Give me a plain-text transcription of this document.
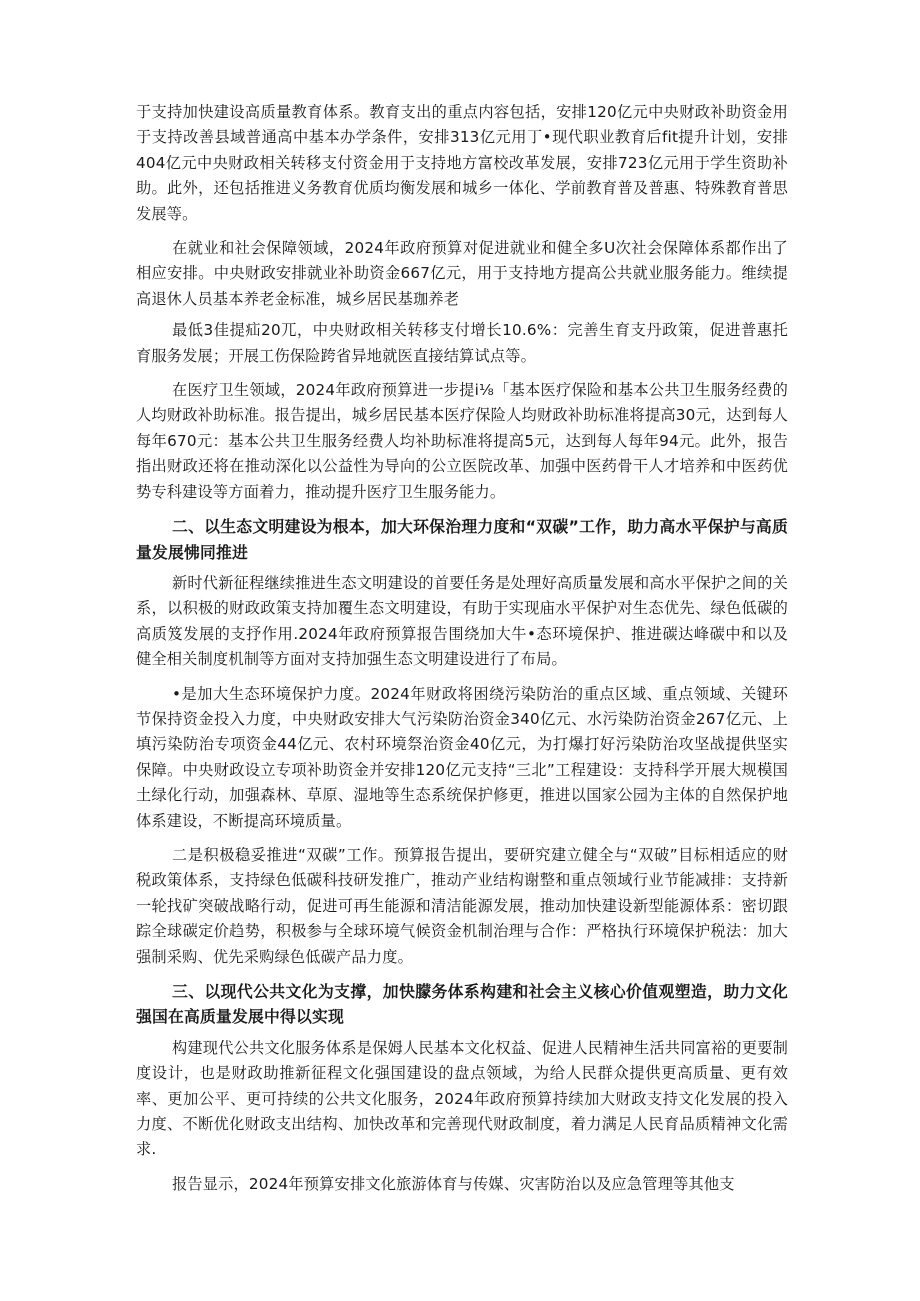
于支持加快建设高质量教育体系。教育支出的重点内容包括，安排120亿元中央财政补助资金用于支持改善县域普通高中基本办学条件，安排313亿元用丁•现代职业教育后fit提升计划，安排404亿元中央财政相关转移支付资金用于支持地方富校改革发展，安排723亿元用于学生资助补助。此外，还包括推进义务教育优质均衡发展和城乡一体化、学前教育普及普惠、特殊教育普思发展等。

在就业和社会保障领域，2024年政府预算对促进就业和健全多U次社会保障体系都作出了相应安排。中央财政安排就业补助资金667亿元，用于支持地方提高公共就业服务能力。维续提高退休人员基本养老金标准，城乡居民基珈养老

最低3佳提疝20兀，中央财政相关转移支付增长10.6%：完善生育支丹政策，促进普惠托育服务发展；开展工伤保险跨省异地就医直接结算试点等。

在医疗卫生领域，2024年政府预算进一步提i⅛「基本医疗保险和基本公共卫生服务经费的人均财政补助标准。报告提出，城乡居民基本医疗保险人均财政补助标准将提高30元，达到每人每年670元：基本公共卫生服务经费人均补助标准将提高5元，达到每人每年94元。此外，报告指出财政还将在推动深化以公益性为导向的公立医院改革、加强中医药骨干人才培养和中医药优势专科建设等方面着力，推动提升医疗卫生服务能力。

二、以生态文明建设为根本，加大环保治理力度和“双碳”工作，助力高水平保护与高质量发展怫同推进

新时代新征程继续推进生态文明建设的首要任务是处理好高质量发展和高水平保护之间的关系，以积极的财政政策支持加覆生态文明建设，有助于实现庙水平保护对生态优先、绿色低碳的高质笈发展的支抒作用.2024年政府预算报告围绕加大牛•态环境保护、推进碳达峰碳中和以及健全相关制度机制等方面对支持加强生态文明建设进行了布局。

•是加大生态环境保护力度。2024年财政将困绕污染防治的重点区域、重点领域、关键环节保持资金投入力度，中央财政安排大气污染防治资金340亿元、水污染防治资金267亿元、上填污染防治专项资金44亿元、农村环境祭治资金40亿元，为打爆打好污染防治攻坚战提供坚实保障。中央财政设立专项补助资金并安排120亿元支持“三北”工程建设：支持科学开展大规模国土绿化行动，加强森林、草原、湿地等生态系统保护修更，推进以国家公园为主体的自然保护地体系建设，不断提高环境质量。

二是积极稳妥推进“双碳”工作。预算报告提出，要研究建立健全与“双破”目标相适应的财税政策体系，支持绿色低碳科技研发推广，推动产业结构谢整和重点领域行业节能减排：支持新一轮找矿突破战略行动，促进可再生能源和清洁能源发展，推动加快建设新型能源体系：密切跟踪全球碳定价趋势，积极参与全球环境气候资金机制治理与合作：严格执行环境保护税法：加大强制采购、优先采购绿色低碳产品力度。

三、以现代公共文化为支撑，加快朦务体系构建和社会主义核心价值观塑造，助力文化强国在高质量发展中得以实现

构建现代公共文化服务体系是保姆人民基本文化权益、促进人民精神生活共同富裕的更要制度设计，也是财政助推新征程文化强国建设的盘点领域，为给人民群众提供更高质量、更有效率、更加公平、更可持续的公共文化服务，2024年政府预算持续加大财政支持文化发展的投入力度、不断优化财政支出结构、加快改革和完善现代财政制度，着力满足人民育品质精神文化需求.

报告显示，2024年预算安排文化旅游体育与传媒、灾害防治以及应急管理等其他支
